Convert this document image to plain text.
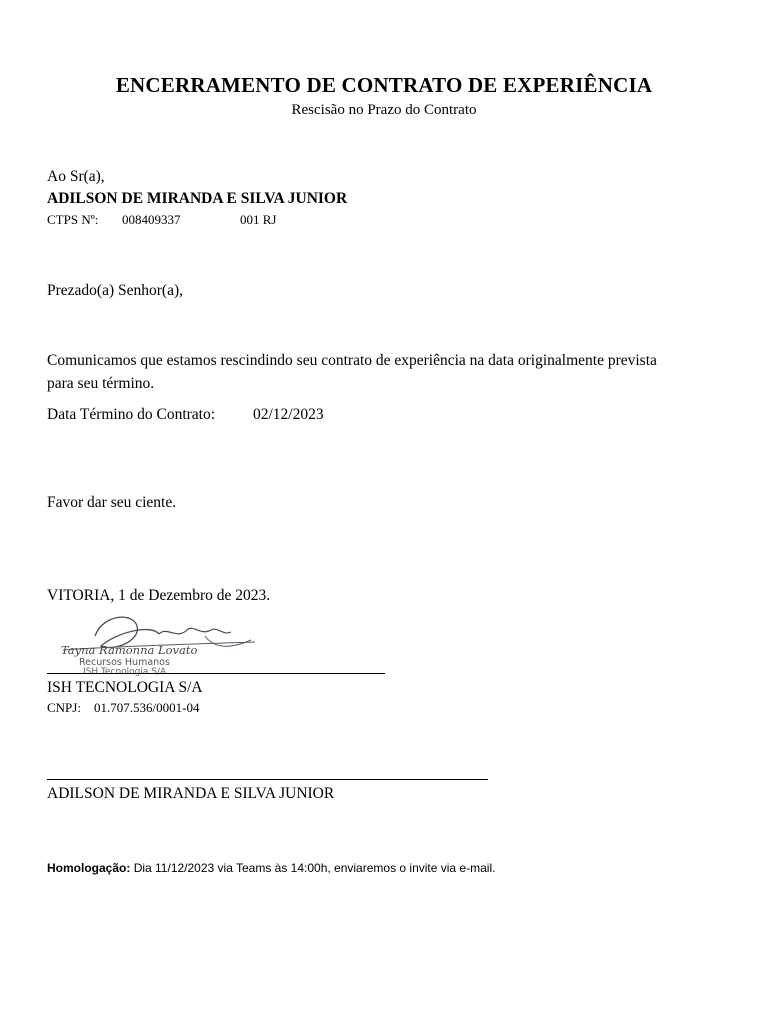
ENCERRAMENTO DE CONTRATO DE EXPERIÊNCIA
Rescisão no Prazo do Contrato
Ao Sr(a),
ADILSON DE MIRANDA E SILVA JUNIOR
CTPS Nº: 008409337	001 RJ
Prezado(a) Senhor(a),
Comunicamos que estamos rescindindo seu contrato de experiência na data originalmente prevista para seu término.
Data Término do Contrato: 02/12/2023
Favor dar seu ciente.
VITORIA, 1 de Dezembro de 2023.
Tayna Ramonna Lovato
Recursos Humanos
ISH Tecnologia S/A
ISH TECNOLOGIA S/A
CNPJ: 01.707.536/0001-04
ADILSON DE MIRANDA E SILVA JUNIOR
Homologação: Dia 11/12/2023 via Teams às 14:00h, enviaremos o invite via e-mail.
